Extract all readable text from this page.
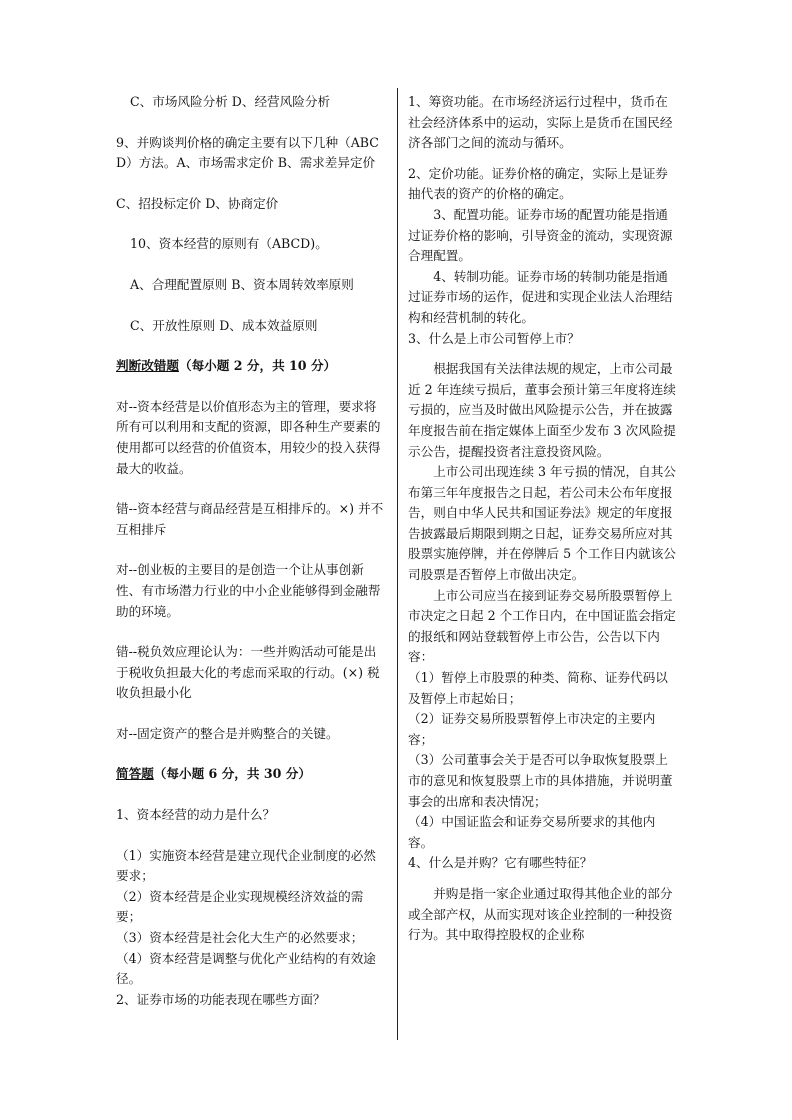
C、市场风险分析 D、经营风险分析

9、并购谈判价格的确定主要有以下几种（ABCD）方法。A、市场需求定价 B、需求差异定价

C、招投标定价 D、协商定价

10、资本经营的原则有（ABCD)。

A、合理配置原则 B、资本周转效率原则

C、开放性原则 D、成本效益原则

判断改错题（每小题 2 分，共 10 分）

对--资本经营是以价值形态为主的管理，要求将所有可以利用和支配的资源，即各种生产要素的使用都可以经营的价值资本，用较少的投入获得最大的收益。

错--资本经营与商品经营是互相排斥的。×) 并不互相排斥

对--创业板的主要目的是创造一个让从事创新性、有市场潜力行业的中小企业能够得到金融帮助的环境。

错--税负效应理论认为：一些并购活动可能是出于税收负担最大化的考虑而采取的行动。(×) 税收负担最小化

对--固定资产的整合是并购整合的关键。

简答题（每小题 6 分，共 30 分）

1、资本经营的动力是什么？

（1）实施资本经营是建立现代企业制度的必然要求；

（2）资本经营是企业实现规模经济效益的需要；

（3）资本经营是社会化大生产的必然要求；

（4）资本经营是调整与优化产业结构的有效途径。

2、证券市场的功能表现在哪些方面？

1、筹资功能。在市场经济运行过程中，货币在社会经济体系中的运动，实际上是货币在国民经济各部门之间的流动与循环。

2、定价功能。证券价格的确定，实际上是证券抽代表的资产的价格的确定。

3、配置功能。证券市场的配置功能是指通过证券价格的影响，引导资金的流动，实现资源合理配置。

4、转制功能。证券市场的转制功能是指通过证券市场的运作，促进和实现企业法人治理结构和经营机制的转化。

3、什么是上市公司暂停上市？

根据我国有关法律法规的规定，上市公司最近 2 年连续亏损后，董事会预计第三年度将连续亏损的，应当及时做出风险提示公告，并在披露年度报告前在指定媒体上面至少发布 3 次风险提示公告，提醒投资者注意投资风险。

上市公司出现连续 3 年亏损的情况，自其公布第三年年度报告之日起，若公司未公布年度报告，则自中华人民共和国证券法》规定的年度报告披露最后期限到期之日起，证券交易所应对其股票实施停牌，并在停牌后 5 个工作日内就该公司股票是否暂停上市做出决定。

上市公司应当在接到证券交易所股票暂停上市决定之日起 2 个工作日内，在中国证监会指定的报纸和网站登载暂停上市公告，公告以下内容：

（1）暂停上市股票的种类、简称、证券代码以及暂停上市起始日；

（2）证券交易所股票暂停上市决定的主要内容；

（3）公司董事会关于是否可以争取恢复股票上市的意见和恢复股票上市的具体措施，并说明董事会的出席和表决情况；

（4）中国证监会和证券交易所要求的其他内容。

4、什么是并购？它有哪些特征？

并购是指一家企业通过取得其他企业的部分或全部产权，从而实现对该企业控制的一种投资行为。其中取得控股权的企业称
